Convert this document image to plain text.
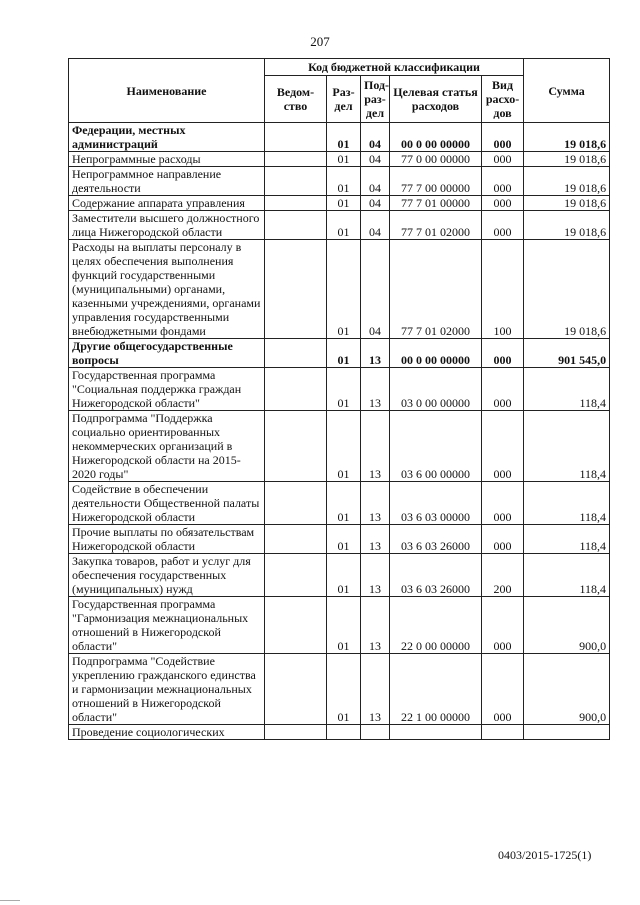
207
Наименование	Код бюджетной классификации					Сумма
	Ведом-ство	Раз-дел	Под-раз-дел	Целевая статья расходов	Вид расхо-дов	
Федерации, местных администраций		01	04	00 0 00 00000	000	19 018,6
Непрограммные расходы		01	04	77 0 00 00000	000	19 018,6
Непрограммное направление деятельности		01	04	77 7 00 00000	000	19 018,6
Содержание аппарата управления		01	04	77 7 01 00000	000	19 018,6
Заместители высшего должностного лица Нижегородской области		01	04	77 7 01 02000	000	19 018,6
Расходы на выплаты персоналу в целях обеспечения выполнения функций государственными (муниципальными) органами, казенными учреждениями, органами управления государственными внебюджетными фондами		01	04	77 7 01 02000	100	19 018,6
Другие общегосударственные вопросы		01	13	00 0 00 00000	000	901 545,0
Государственная программа "Социальная поддержка граждан Нижегородской области"		01	13	03 0 00 00000	000	118,4
Подпрограмма "Поддержка социально ориентированных некоммерческих организаций в Нижегородской области на 2015-2020 годы"		01	13	03 6 00 00000	000	118,4
Содействие в обеспечении деятельности Общественной палаты Нижегородской области		01	13	03 6 03 00000	000	118,4
Прочие выплаты по обязательствам Нижегородской области		01	13	03 6 03 26000	000	118,4
Закупка товаров, работ и услуг для обеспечения государственных (муниципальных) нужд		01	13	03 6 03 26000	200	118,4
Государственная программа "Гармонизация межнациональных отношений в Нижегородской области"		01	13	22 0 00 00000	000	900,0
Подпрограмма "Содействие укреплению гражданского единства и гармонизации межнациональных отношений в Нижегородской области"		01	13	22 1 00 00000	000	900,0
Проведение социологических						
0403/2015-1725(1)
